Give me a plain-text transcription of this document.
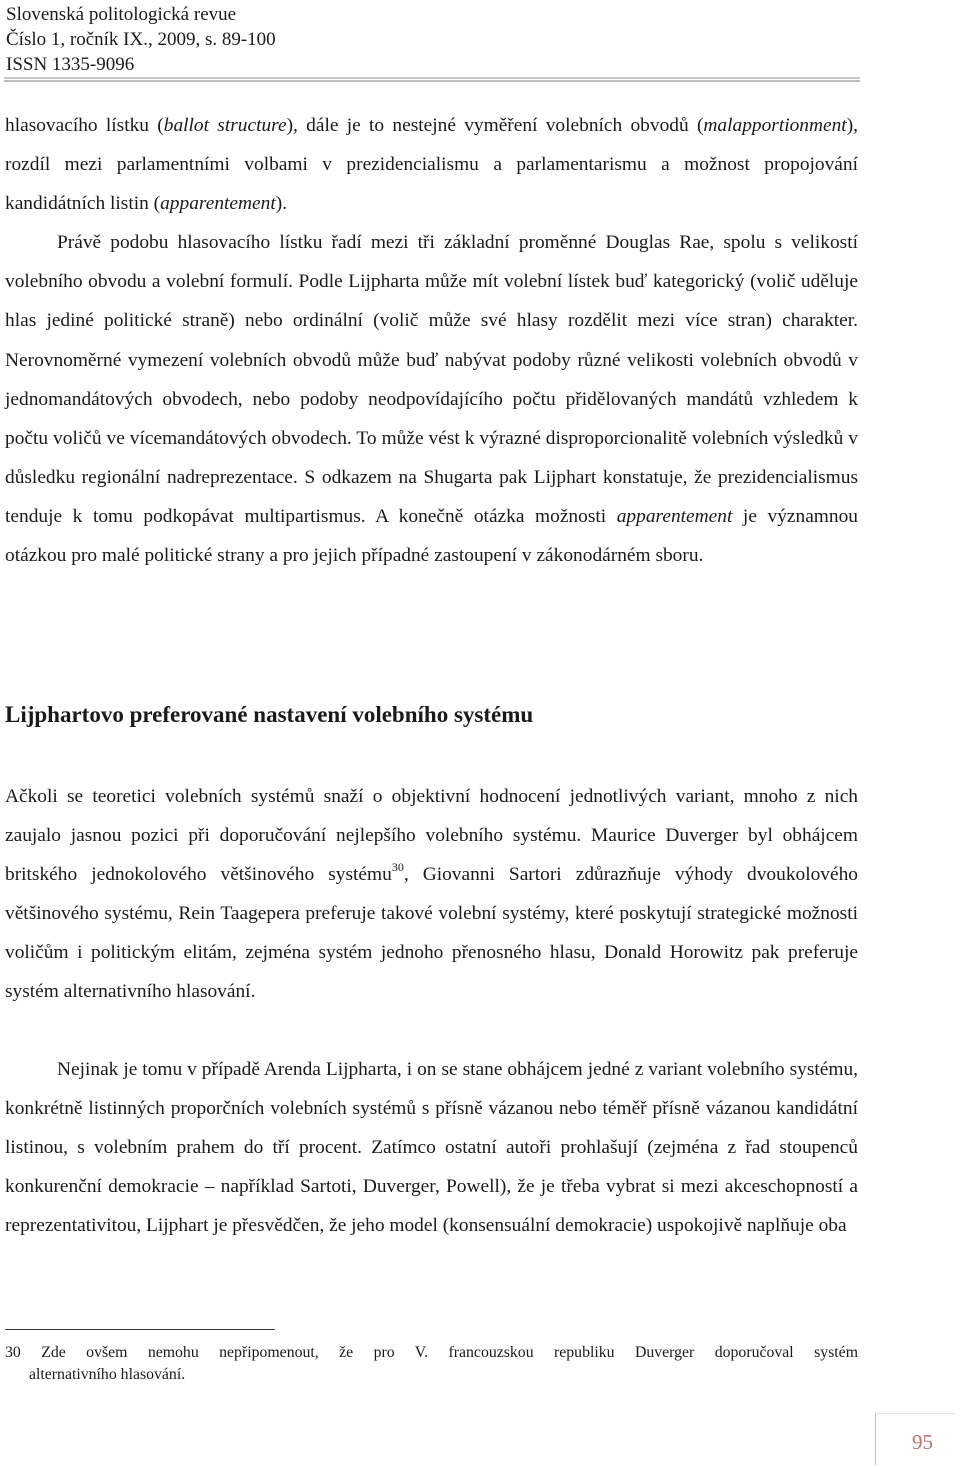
Slovenská politologická revue
Číslo 1, ročník IX., 2009, s. 89-100
ISSN 1335-9096

hlasovacího lístku (ballot structure), dále je to nestejné vyměření volebních obvodů (malapportionment), rozdíl mezi parlamentními volbami v prezidencialismu a parlamentarismu a možnost propojování kandidátních listin (apparentement).
Právě podobu hlasovacího lístku řadí mezi tři základní proměnné Douglas Rae, spolu s velikostí volebního obvodu a volební formulí. Podle Lijpharta může mít volební lístek buď kategorický (volič uděluje hlas jediné politické straně) nebo ordinální (volič může své hlasy rozdělit mezi více stran) charakter. Nerovnoměrné vymezení volebních obvodů může buď nabývat podoby různé velikosti volebních obvodů v jednomandátových obvodech, nebo podoby neodpovídajícího počtu přidělovaných mandátů vzhledem k počtu voličů ve vícemandátových obvodech. To může vést k výrazné disproporcionalitě volebních výsledků v důsledku regionální nadreprezentace. S odkazem na Shugarta pak Lijphart konstatuje, že prezidencialismus tenduje k tomu podkopávat multipartismus. A konečně otázka možnosti apparentement je významnou otázkou pro malé politické strany a pro jejich případné zastoupení v zákonodárném sboru.

Lijphartovo preferované nastavení volebního systému

Ačkoli se teoretici volebních systémů snaží o objektivní hodnocení jednotlivých variant, mnoho z nich zaujalo jasnou pozici při doporučování nejlepšího volebního systému. Maurice Duverger byl obhájcem britského jednokolového většinového systému$^{30}$, Giovanni Sartori zdůrazňuje výhody dvoukolového většinového systému, Rein Taagepera preferuje takové volební systémy, které poskytují strategické možnosti voličům i politickým elitám, zejména systém jednoho přenosného hlasu, Donald Horowitz pak preferuje systém alternativního hlasování.

Nejinak je tomu v případě Arenda Lijpharta, i on se stane obhájcem jedné z variant volebního systému, konkrétně listinných proporčních volebních systémů s přísně vázanou nebo téměř přísně vázanou kandidátní listinou, s volebním prahem do tří procent. Zatímco ostatní autoři prohlašují (zejména z řad stoupenců konkurenční demokracie – například Sartoti, Duverger, Powell), že je třeba vybrat si mezi akceschopností a reprezentativitou, Lijphart je přesvědčen, že jeho model (konsensuální demokracie) uspokojivě naplňuje oba

30 Zde ovšem nemohu nepřipomenout, že pro V. francouzskou republiku Duverger doporučoval systém
alternativního hlasování.
95
